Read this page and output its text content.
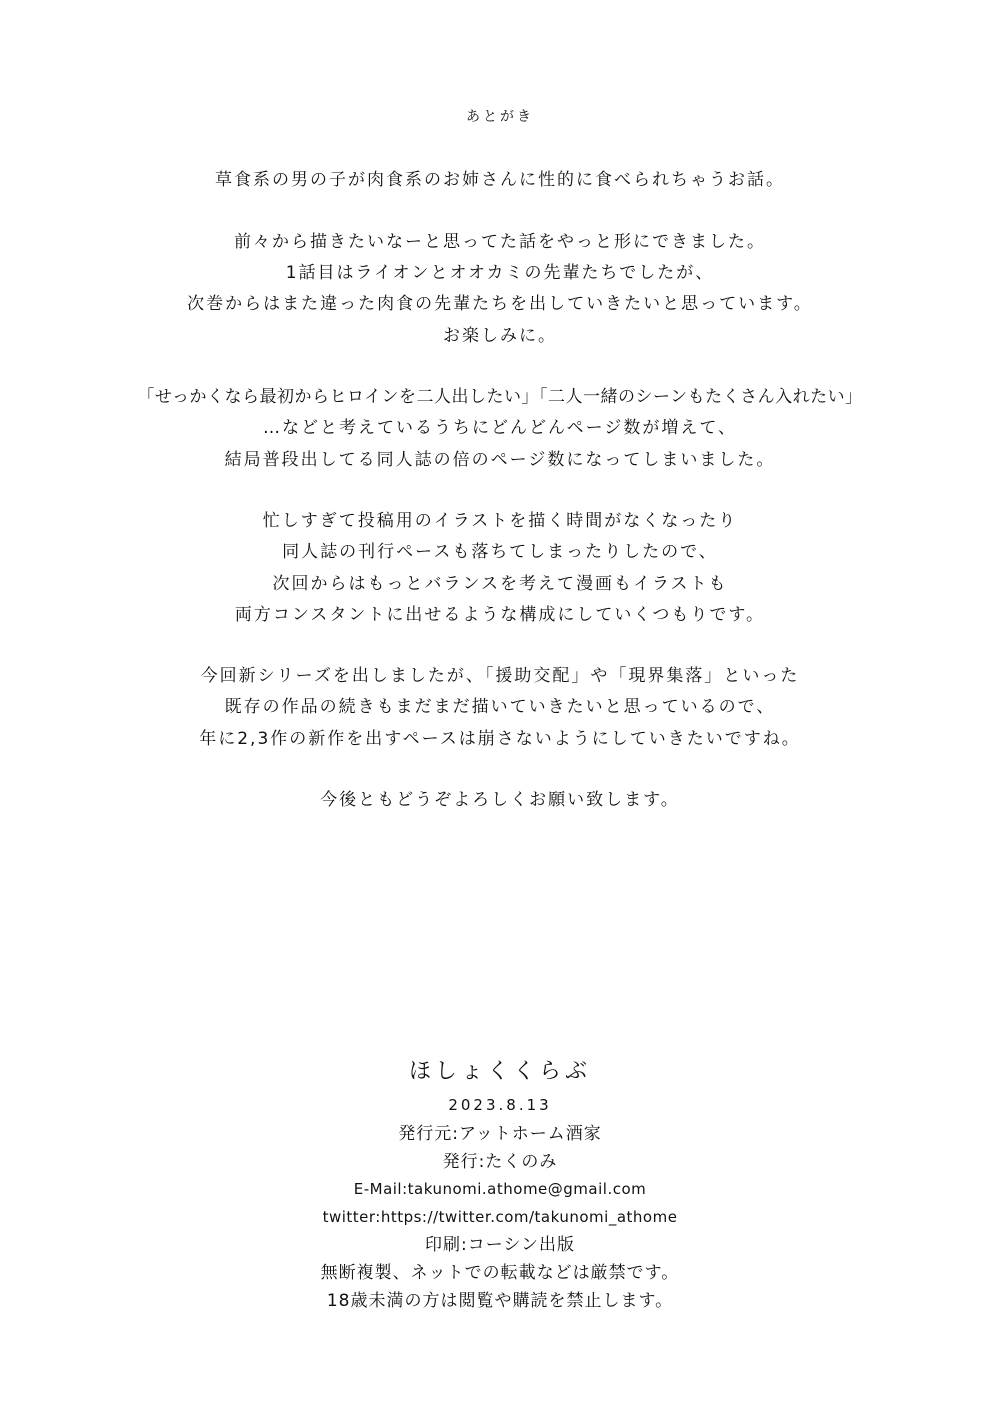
あとがき
草食系の男の子が肉食系のお姉さんに性的に食べられちゃうお話。
前々から描きたいなーと思ってた話をやっと形にできました。
1話目はライオンとオオカミの先輩たちでしたが、
次巻からはまた違った肉食の先輩たちを出していきたいと思っています。
お楽しみに。
「せっかくなら最初からヒロインを二人出したい」「二人一緒のシーンもたくさん入れたい」
…などと考えているうちにどんどんページ数が増えて、
結局普段出してる同人誌の倍のページ数になってしまいました。
忙しすぎて投稿用のイラストを描く時間がなくなったり
同人誌の刊行ペースも落ちてしまったりしたので、
次回からはもっとバランスを考えて漫画もイラストも
両方コンスタントに出せるような構成にしていくつもりです。
今回新シリーズを出しましたが、「援助交配」や「現界集落」といった
既存の作品の続きもまだまだ描いていきたいと思っているので、
年に2,3作の新作を出すペースは崩さないようにしていきたいですね。
今後ともどうぞよろしくお願い致します。
ほしょくくらぶ
2023.8.13
発行元:アットホーム酒家
発行:たくのみ
E-Mail:takunomi.athome@gmail.com
twitter:https://twitter.com/takunomi_athome
印刷:コーシン出版
無断複製、ネットでの転載などは厳禁です。
18歳未満の方は閲覧や購読を禁止します。
